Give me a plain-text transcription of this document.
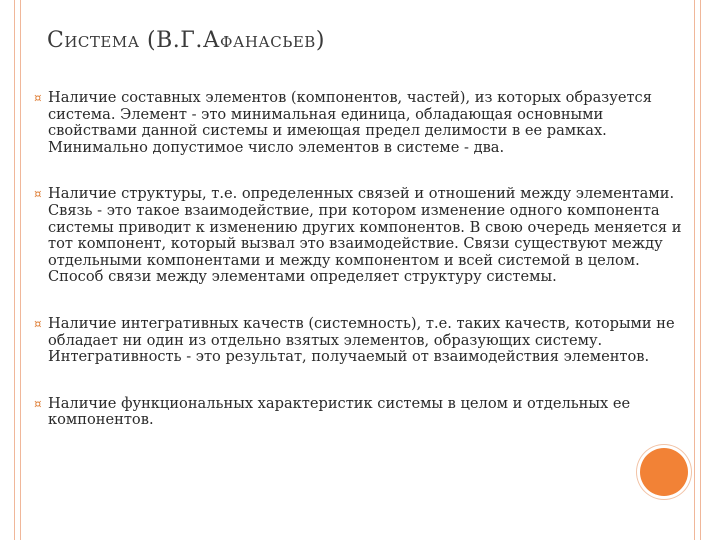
Система (В.Г.Афанасьев)
¤ Наличие составных элементов (компонентов, частей), из которых образуется система. Элемент - это минимальная единица, обладающая основными свойствами данной системы и имеющая предел делимости в ее рамках. Минимально допустимое число элементов в системе - два.
¤ Наличие структуры, т.е. определенных связей и отношений между элементами. Связь - это такое взаимодействие, при котором изменение одного компонента системы приводит к изменению других компонентов. В свою очередь меняется и тот компонент, который вызвал это взаимодействие. Связи существуют между отдельными компонентами и между компонентом и всей системой в целом. Способ связи между элементами определяет структуру системы.
¤ Наличие интегративных качеств (системность), т.е. таких качеств, которыми не обладает ни один из отдельно взятых элементов, образующих систему. Интегративность - это результат, получаемый от взаимодействия элементов.
¤ Наличие функциональных характеристик системы в целом и отдельных ее компонентов.
